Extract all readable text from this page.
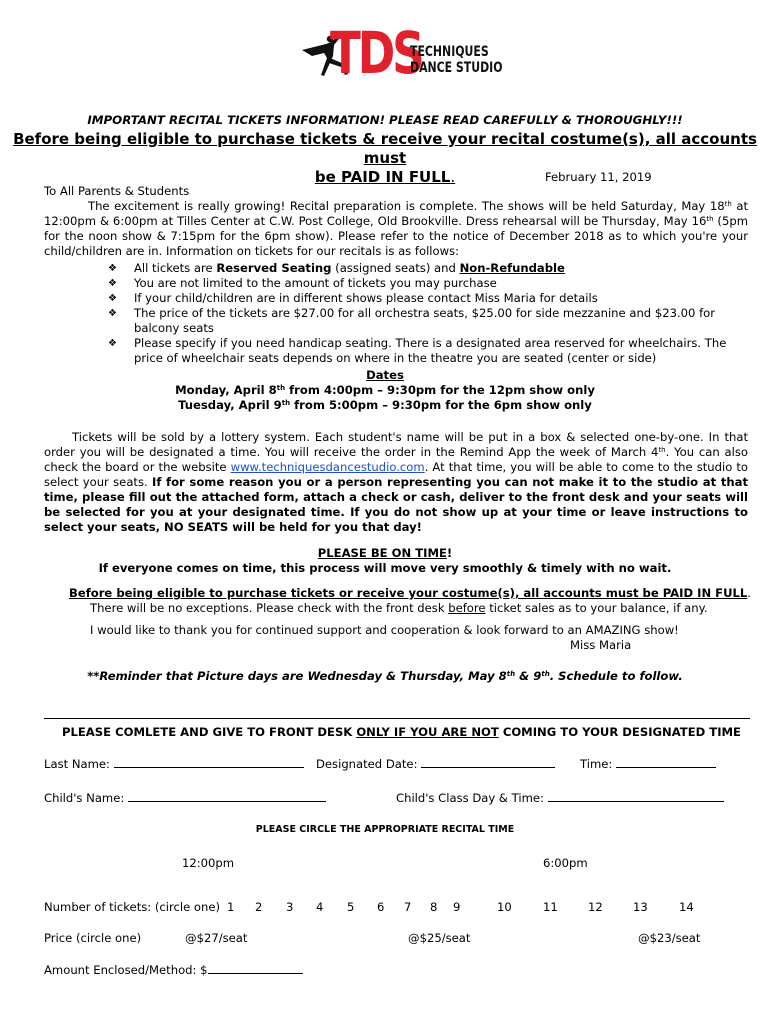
TDS
TECHNIQUES
DANCE STUDIO
IMPORTANT RECITAL TICKETS INFORMATION! PLEASE READ CAREFULLY & THOROUGHLY!!!
Before being eligible to purchase tickets & receive your recital costume(s), all accounts must
be PAID IN FULL.	February 11, 2019
To All Parents & Students
The excitement is really growing! Recital preparation is complete. The shows will be held Saturday, May 18th at 12:00pm & 6:00pm at Tilles Center at C.W. Post College, Old Brookville. Dress rehearsal will be Thursday, May 16th (5pm for the noon show & 7:15pm for the 6pm show). Please refer to the notice of December 2018 as to which you're your child/children are in. Information on tickets for our recitals is as follows:
❖	All tickets are Reserved Seating (assigned seats) and Non-Refundable
❖	You are not limited to the amount of tickets you may purchase
❖	If your child/children are in different shows please contact Miss Maria for details
❖	The price of the tickets are $27.00 for all orchestra seats, $25.00 for side mezzanine and $23.00 for balcony seats
❖	Please specify if you need handicap seating. There is a designated area reserved for wheelchairs. The price of wheelchair seats depends on where in the theatre you are seated (center or side)
Dates
Monday, April 8th from 4:00pm – 9:30pm for the 12pm show only
Tuesday, April 9th from 5:00pm – 9:30pm for the 6pm show only
Tickets will be sold by a lottery system. Each student's name will be put in a box & selected one-by-one. In that order you will be designated a time. You will receive the order in the Remind App the week of March 4th. You can also check the board or the website www.techniquesdancestudio.com. At that time, you will be able to come to the studio to select your seats. If for some reason you or a person representing you can not make it to the studio at that time, please fill out the attached form, attach a check or cash, deliver to the front desk and your seats will be selected for you at your designated time. If you do not show up at your time or leave instructions to select your seats, NO SEATS will be held for you that day!
PLEASE BE ON TIME!
If everyone comes on time, this process will move very smoothly & timely with no wait.
Before being eligible to purchase tickets or receive your costume(s), all accounts must be PAID IN FULL.
There will be no exceptions. Please check with the front desk before ticket sales as to your balance, if any.
I would like to thank you for continued support and cooperation & look forward to an AMAZING show!
Miss Maria
**Reminder that Picture days are Wednesday & Thursday, May 8th & 9th. Schedule to follow.
PLEASE COMLETE AND GIVE TO FRONT DESK ONLY IF YOU ARE NOT COMING TO YOUR DESIGNATED TIME
Last Name:	Designated Date:	Time:
Child's Name:	Child's Class Day & Time:
PLEASE CIRCLE THE APPROPRIATE RECITAL TIME
12:00pm	6:00pm
Number of tickets: (circle one) 1 2 3 4 5 6 7 8 9	10	11	12	13	14
Price (circle one)	@$27/seat	@$25/seat	@$23/seat
Amount Enclosed/Method: $
